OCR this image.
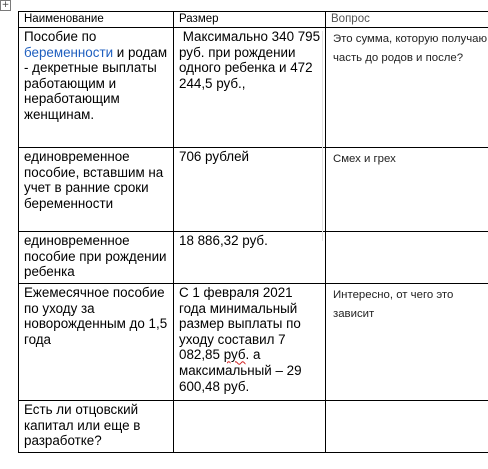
+
Наименование	Размер	Вопрос
Пособие по беременности и родам - декретные выплаты работающим и неработающим женщинам.	Максимально 340 795 руб. при рождении одного ребенка и 472 244,5 руб.,	Это сумма, которую получаю часть до родов и после?
единовременное пособие, вставшим на учет в ранние сроки беременности	706 рублей	Смех и грех
единовременное пособие при рождении ребенка	18 886,32 руб.	
Ежемесячное пособие по уходу за новорожденным до 1,5 года	С 1 февраля 2021 года минимальный размер выплаты по уходу составил 7 082,85 руб. а максимальный – 29 600,48 руб.	Интересно, от чего это зависит
Есть ли отцовский капитал или еще в разработке?		
